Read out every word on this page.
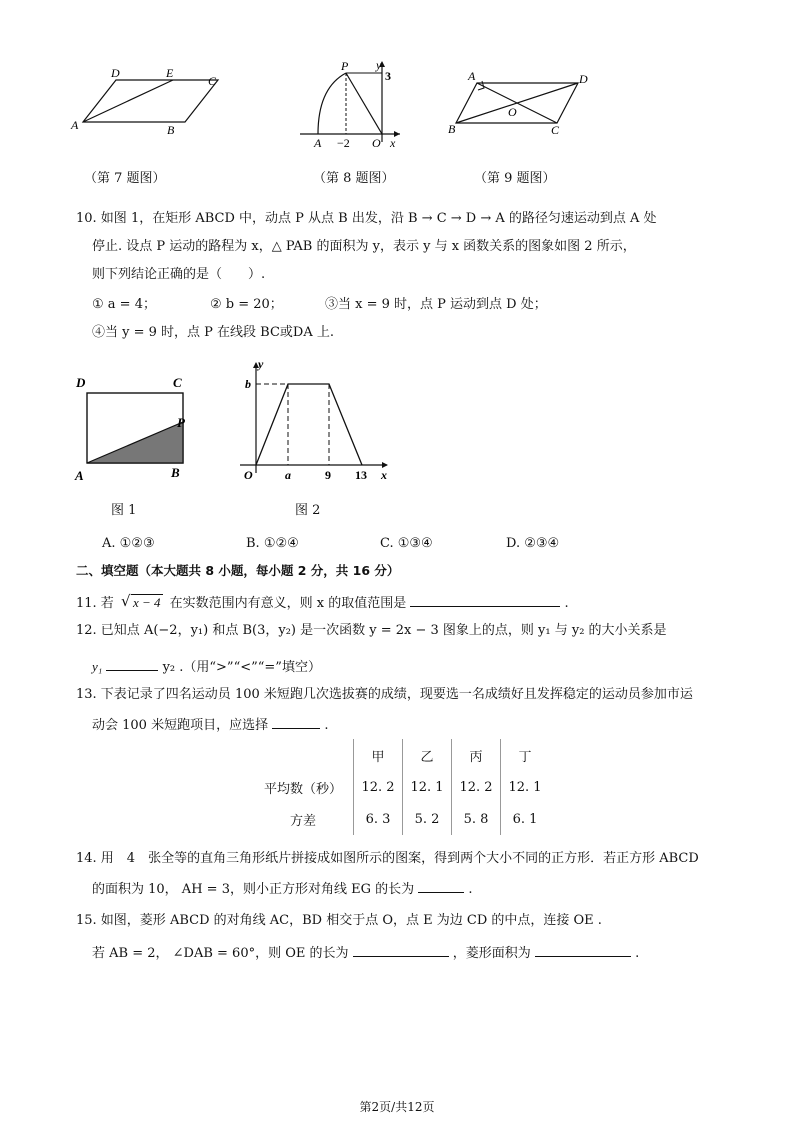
A
D	E
C
B
（第 7 题图）
P y
3
A −2 O x
（第 8 题图）
A	D
O
B	C
（第 9 题图）
10. 如图 1，在矩形 ABCD 中，动点 P 从点 B 出发，沿 B → C → D → A 的路径匀速运动到点 A 处
停止. 设点 P 运动的路程为 x，△ PAB 的面积为 y，表示 y 与 x 函数关系的图象如图 2 所示，
则下列结论正确的是（　　）.
① a = 4；	② b = 20；	③当 x = 9 时，点 P 运动到点 D 处；
④当 y = 9 时，点 P 在线段 BC或DA 上.
D	C
P
A	B
图 1
y
b
O	a	9 13 x
图 2
A. ①②③	B. ①②④	C. ①③④	D. ②③④
二、填空题（本大题共 8 小题，每小题 2 分，共 16 分）
11. 若 √ x − 4 在实数范围内有意义，则 x 的取值范围是	.
12. 已知点 A(−2，y₁) 和点 B(3，y₂) 是一次函数 y = 2x − 3 图象上的点，则 y₁ 与 y₂ 的大小关系是
y₁	y₂ .（用“>”“<”“=”填空）
13. 下表记录了四名运动员 100 米短跑几次选拔赛的成绩，现要选一名成绩好且发挥稳定的运动员参加市运
动会 100 米短跑项目，应选择	.
	甲	乙	丙	丁
平均数（秒）	12. 2	12. 1	12. 2	12. 1
方差	6. 3	5. 2	5. 8	6. 1
14. 用　4　张全等的直角三角形纸片拼接成如图所示的图案，得到两个大小不同的正方形．若正方形 ABCD
的面积为 10， AH = 3，则小正方形对角线 EG 的长为	.
15. 如图，菱形 ABCD 的对角线 AC，BD 相交于点 O，点 E 为边 CD 的中点，连接 OE .
若 AB = 2， ∠DAB = 60°，则 OE 的长为	，菱形面积为	.
第2页/共12页
